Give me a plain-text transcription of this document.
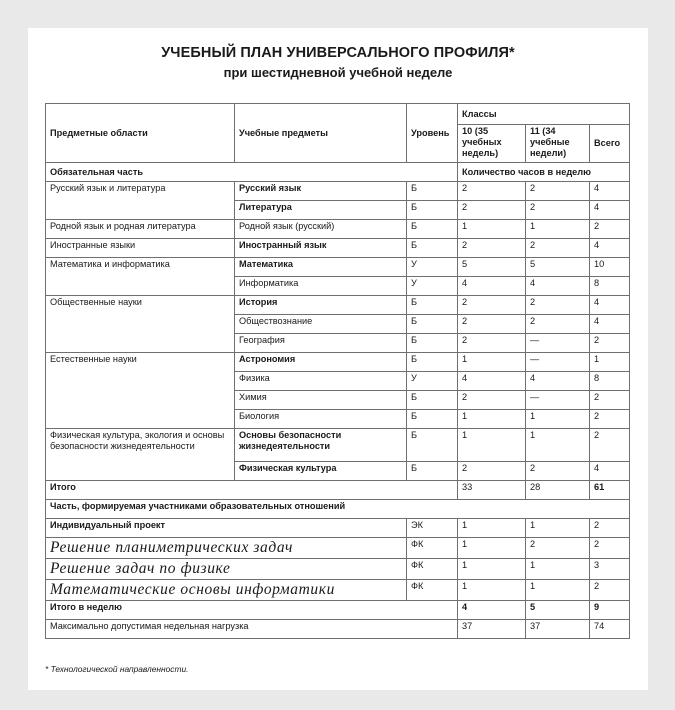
УЧЕБНЫЙ ПЛАН УНИВЕРСАЛЬНОГО ПРОФИЛЯ*
при шестидневной учебной неделе
Предметные области	Учебные предметы	Уровень	Классы		
			10 (35 учебных недель)	11 (34 учебные недели)	Всего
Обязательная часть			Количество часов в неделю		
Русский язык и литература	Русский язык	Б	2	2	4
	Литература	Б	2	2	4
Родной язык и родная литература	Родной язык (русский)	Б	1	1	2
Иностранные языки	Иностранный язык	Б	2	2	4
Математика и информатика	Математика	У	5	5	10
	Информатика	У	4	4	8
Общественные науки	История	Б	2	2	4
	Обществознание	Б	2	2	4
	География	Б	2	—	2
Естественные науки	Астрономия	Б	1	—	1
	Физика	У	4	4	8
	Химия	Б	2	—	2
	Биология	Б	1	1	2
Физическая культура, экология и основы безопасности жизнедеятельности	Основы безопасности жизнедеятельности	Б	1	1	2
	Физическая культура	Б	2	2	4
Итого			33	28	61
Часть, формируемая участниками образовательных отношений					
Индивидуальный проект		ЭК	1	1	2
Решение планиметрических задач		ФК	1	2	2
Решение задач по физике		ФК	1	1	3
Математические основы информатики		ФК	1	1	2
Итого в неделю			4	5	9
Максимально допустимая недельная нагрузка			37	37	74
* Технологической направленности.
